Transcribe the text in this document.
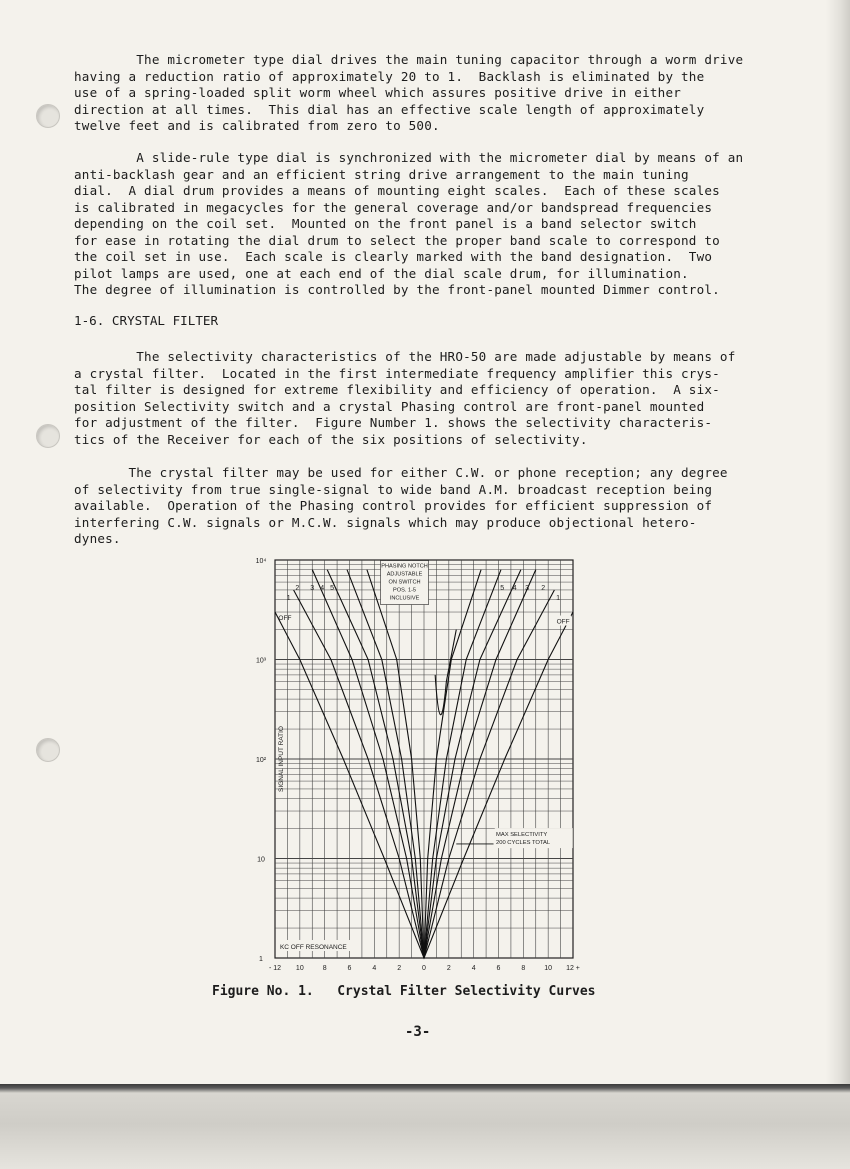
The micrometer type dial drives the main tuning capacitor through a worm drive
having a reduction ratio of approximately 20 to 1.  Backlash is eliminated by the
use of a spring-loaded split worm wheel which assures positive drive in either
direction at all times.  This dial has an effective scale length of approximately
twelve feet and is calibrated from zero to 500.
A slide-rule type dial is synchronized with the micrometer dial by means of an
anti-backlash gear and an efficient string drive arrangement to the main tuning
dial.  A dial drum provides a means of mounting eight scales.  Each of these scales
is calibrated in megacycles for the general coverage and/or bandspread frequencies
depending on the coil set.  Mounted on the front panel is a band selector switch
for ease in rotating the dial drum to select the proper band scale to correspond to
the coil set in use.  Each scale is clearly marked with the band designation.  Two
pilot lamps are used, one at each end of the dial scale drum, for illumination.
The degree of illumination is controlled by the front-panel mounted Dimmer control.
1-6. CRYSTAL FILTER
The selectivity characteristics of the HRO-50 are made adjustable by means of
a crystal filter.  Located in the first intermediate frequency amplifier this crys-
tal filter is designed for extreme flexibility and efficiency of operation.  A six-
position Selectivity switch and a crystal Phasing control are front-panel mounted
for adjustment of the filter.  Figure Number 1. shows the selectivity characteris-
tics of the Receiver for each of the six positions of selectivity.
The crystal filter may be used for either C.W. or phone reception; any degree
of selectivity from true single-signal to wide band A.M. broadcast reception being
available.  Operation of the Phasing control provides for efficient suppression of
interfering C.W. signals or M.C.W. signals which may produce objectional hetero-
dynes.
10⁴
10³
10²
10
1
- 12 10	8	6	4	2	0	2	4	6	8	10 12 +
SIGNAL INPUT RATIO
KC OFF RESONANCE
1
2 3 4 5	2
3
4
5
1
OFF
OFF
PHASING NOTCH
ADJUSTABLE
ON SWITCH
POS. 1-5
INCLUSIVE
MAX SELECTIVITY
200 CYCLES TOTAL
Figure No. 1.   Crystal Filter Selectivity Curves
-3-
